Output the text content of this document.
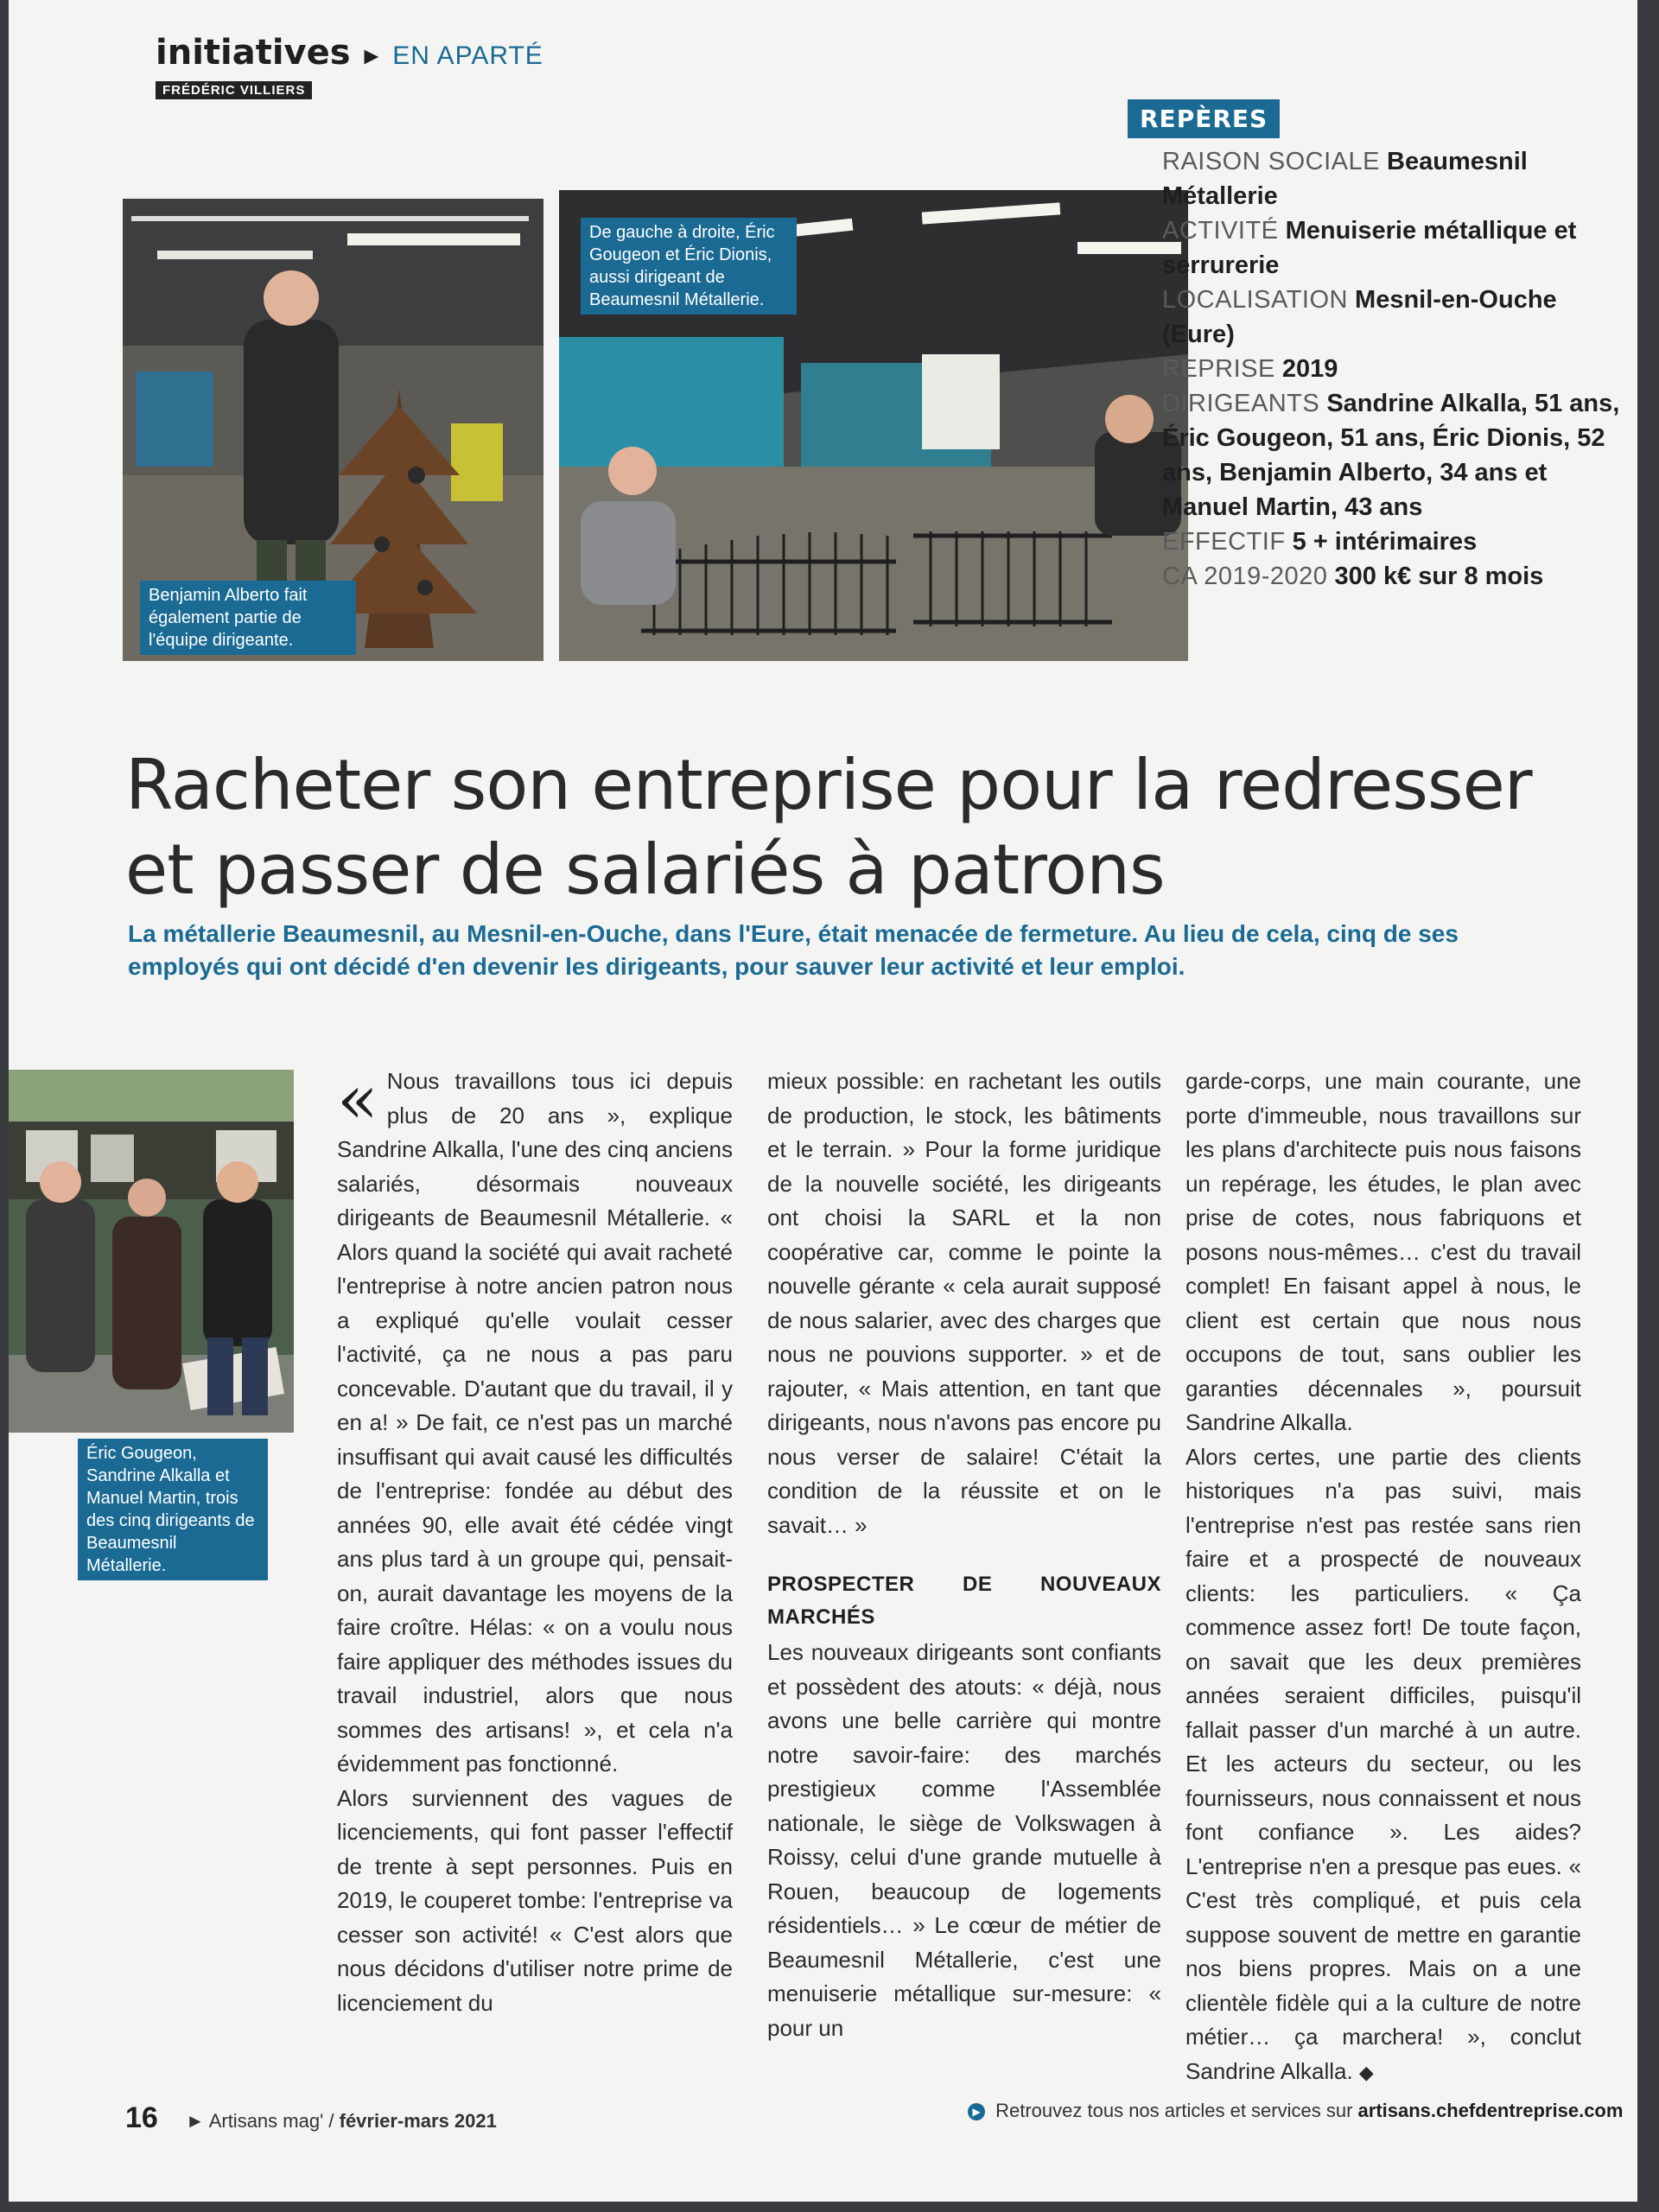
initiatives ► EN APARTÉ
FRÉDÉRIC VILLIERS
Benjamin Alberto fait également partie de l'équipe dirigeante.
De gauche à droite, Éric Gougeon et Éric Dionis, aussi dirigeant de Beaumesnil Métallerie.
REPÈRES

RAISON SOCIALE Beaumesnil Métallerie

ACTIVITÉ Menuiserie métallique et serrurerie

LOCALISATION Mesnil-en-Ouche (Eure)

REPRISE 2019

DIRIGEANTS Sandrine Alkalla, 51 ans, Éric Gougeon, 51 ans, Éric Dionis, 52 ans, Benjamin Alberto, 34 ans et Manuel Martin, 43 ans

EFFECTIF 5 + intérimaires

CA 2019-2020 300 k€ sur 8 mois

Racheter son entreprise pour la redresser et passer de salariés à patrons

La métallerie Beaumesnil, au Mesnil-en-Ouche, dans l'Eure, était menacée de fermeture. Au lieu de cela, cinq de ses employés qui ont décidé d'en devenir les dirigeants, pour sauver leur activité et leur emploi.

Éric Gougeon, Sandrine Alkalla et Manuel Martin, trois des cinq dirigeants de Beaumesnil Métallerie.
« Nous travaillons tous ici depuis plus de 20 ans », explique Sandrine Alkalla, l'une des cinq anciens salariés, désormais nouveaux dirigeants de Beaumesnil Métallerie. « Alors quand la société qui avait racheté l'entreprise à notre ancien patron nous a expliqué qu'elle voulait cesser l'activité, ça ne nous a pas paru concevable. D'autant que du travail, il y en a! » De fait, ce n'est pas un marché insuffisant qui avait causé les difficultés de l'entreprise: fondée au début des années 90, elle avait été cédée vingt ans plus tard à un groupe qui, pensait-on, aurait davantage les moyens de la faire croître. Hélas: « on a voulu nous faire appliquer des méthodes issues du travail industriel, alors que nous sommes des artisans! », et cela n'a évidemment pas fonctionné.

Alors surviennent des vagues de licenciements, qui font passer l'effectif de trente à sept personnes. Puis en 2019, le couperet tombe: l'entreprise va cesser son activité! « C'est alors que nous décidons d'utiliser notre prime de licenciement du

mieux possible: en rachetant les outils de production, le stock, les bâtiments et le terrain. » Pour la forme juridique de la nouvelle société, les dirigeants ont choisi la SARL et la non coopérative car, comme le pointe la nouvelle gérante « cela aurait supposé de nous salarier, avec des charges que nous ne pouvions supporter. » et de rajouter, « Mais attention, en tant que dirigeants, nous n'avons pas encore pu nous verser de salaire! C'était la condition de la réussite et on le savait… »

PROSPECTER DE NOUVEAUX MARCHÉS

Les nouveaux dirigeants sont confiants et possèdent des atouts: « déjà, nous avons une belle carrière qui montre notre savoir-faire: des marchés prestigieux comme l'Assemblée nationale, le siège de Volkswagen à Roissy, celui d'une grande mutuelle à Rouen, beaucoup de logements résidentiels… » Le cœur de métier de Beaumesnil Métallerie, c'est une menuiserie métallique sur-mesure: « pour un

garde-corps, une main courante, une porte d'immeuble, nous travaillons sur les plans d'architecte puis nous faisons un repérage, les études, le plan avec prise de cotes, nous fabriquons et posons nous-mêmes… c'est du travail complet! En faisant appel à nous, le client est certain que nous nous occupons de tout, sans oublier les garanties décennales », poursuit Sandrine Alkalla.

Alors certes, une partie des clients historiques n'a pas suivi, mais l'entreprise n'est pas restée sans rien faire et a prospecté de nouveaux clients: les particuliers. « Ça commence assez fort! De toute façon, on savait que les deux premières années seraient difficiles, puisqu'il fallait passer d'un marché à un autre. Et les acteurs du secteur, ou les fournisseurs, nous connaissent et nous font confiance ». Les aides? L'entreprise n'en a presque pas eues. « C'est très compliqué, et puis cela suppose souvent de mettre en garantie nos biens propres. Mais on a une clientèle fidèle qui a la culture de notre métier… ça marchera! », conclut Sandrine Alkalla. ◆

16 ► Artisans mag' / février-mars 2021	▶ Retrouvez tous nos articles et services sur artisans.chefdentreprise.com
